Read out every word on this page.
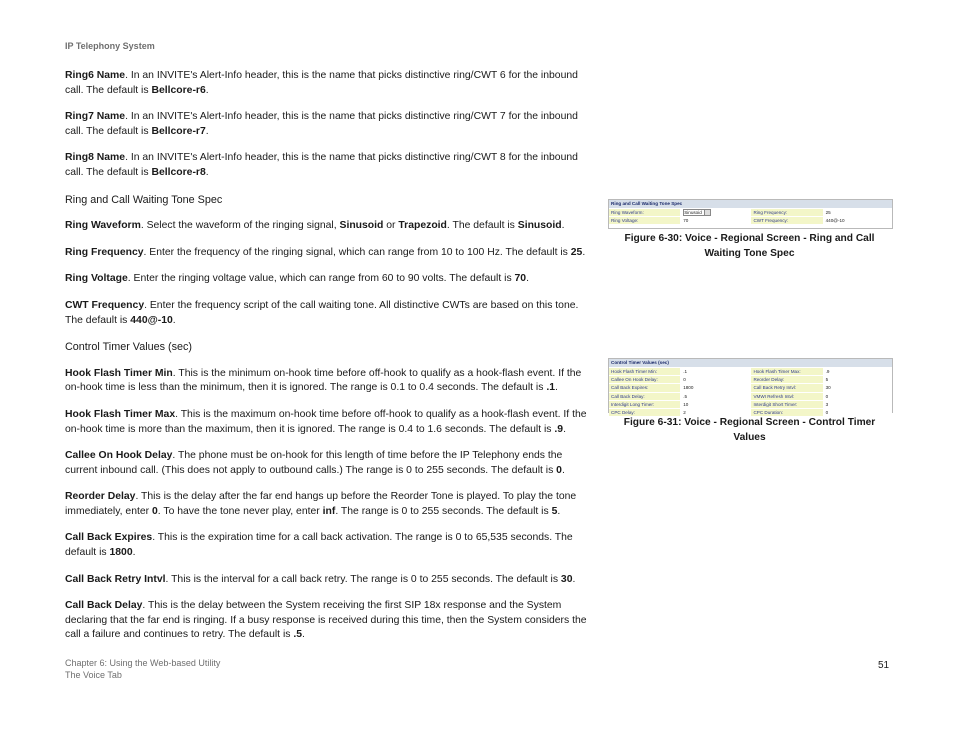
IP Telephony System

Ring6 Name. In an INVITE's Alert-Info header, this is the name that picks distinctive ring/CWT 6 for the inbound call. The default is Bellcore-r6.

Ring7 Name. In an INVITE's Alert-Info header, this is the name that picks distinctive ring/CWT 7 for the inbound call. The default is Bellcore-r7.

Ring8 Name. In an INVITE's Alert-Info header, this is the name that picks distinctive ring/CWT 8 for the inbound call. The default is Bellcore-r8.

Ring and Call Waiting Tone Spec

Ring Waveform. Select the waveform of the ringing signal, Sinusoid or Trapezoid. The default is Sinusoid.

Ring Frequency. Enter the frequency of the ringing signal, which can range from 10 to 100 Hz. The default is 25.

Ring Voltage. Enter the ringing voltage value, which can range from 60 to 90 volts. The default is 70.

CWT Frequency. Enter the frequency script of the call waiting tone. All distinctive CWTs are based on this tone. The default is 440@-10.

Control Timer Values (sec)

Hook Flash Timer Min. This is the minimum on-hook time before off-hook to qualify as a hook-flash event. If the on-hook time is less than the minimum, then it is ignored. The range is 0.1 to 0.4 seconds. The default is .1.

Hook Flash Timer Max. This is the maximum on-hook time before off-hook to qualify as a hook-flash event. If the on-hook time is more than the maximum, then it is ignored. The range is 0.4 to 1.6 seconds. The default is .9.

Callee On Hook Delay. The phone must be on-hook for this length of time before the IP Telephony ends the current inbound call. (This does not apply to outbound calls.) The range is 0 to 255 seconds. The default is 0.

Reorder Delay. This is the delay after the far end hangs up before the Reorder Tone is played. To play the tone immediately, enter 0. To have the tone never play, enter inf. The range is 0 to 255 seconds. The default is 5.

Call Back Expires. This is the expiration time for a call back activation. The range is 0 to 65,535 seconds. The default is 1800.

Call Back Retry Intvl. This is the interval for a call back retry. The range is 0 to 255 seconds. The default is 30.

Call Back Delay. This is the delay between the System receiving the first SIP 18x response and the System declaring that the far end is ringing. If a busy response is received during this time, then the System considers the call a failure and continues to retry. The default is .5.

Ring and Call Waiting Tone Spec
Ring Waveform:	Sinusoid	Ring Frequency:	25
Ring Voltage:	70	CWT Frequency:	440@-10
Figure 6-30: Voice - Regional Screen - Ring and Call Waiting Tone Spec
Control Timer Values (sec)
Hook Flash Timer Min:	.1	Hook Flash Timer Max:	.9
Callee On Hook Delay:	0	Reorder Delay:	5
Call Back Expires:	1800	Call Back Retry Intvl:	30
Call Back Delay:	.5	VMWI Refresh Intvl:	0
Interdigit Long Timer:	10	Interdigit Short Timer:	3
CPC Delay:	2	CPC Duration:	0
Figure 6-31: Voice - Regional Screen - Control Timer Values
Chapter 6: Using the Web-based Utility
The Voice Tab
51
